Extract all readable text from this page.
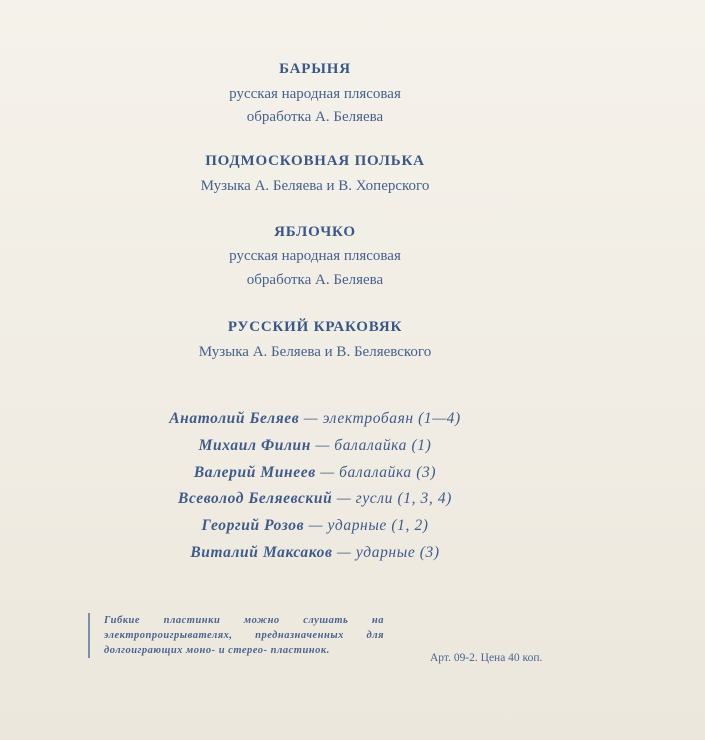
БАРЫНЯ
русская народная плясовая
обработка А. Беляева
ПОДМОСКОВНАЯ ПОЛЬКА
Музыка А. Беляева и В. Хоперского
ЯБЛОЧКО
русская народная плясовая
обработка А. Беляева
РУССКИЙ КРАКОВЯК
Музыка А. Беляева и В. Беляевского
Анатолий Беляев — электробаян (1—4)
Михаил Филин — балалайка (1)
Валерий Минеев — балалайка (3)
Всеволод Беляевский — гусли (1, 3, 4)
Георгий Розов — ударные (1, 2)
Виталий Максаков — ударные (3)
Гибкие пластинки можно слушать на электропроигрывателях, предназначенных для долгоиграющих моно- и стерео- пластинок.
Арт. 09-2. Цена 40 коп.
